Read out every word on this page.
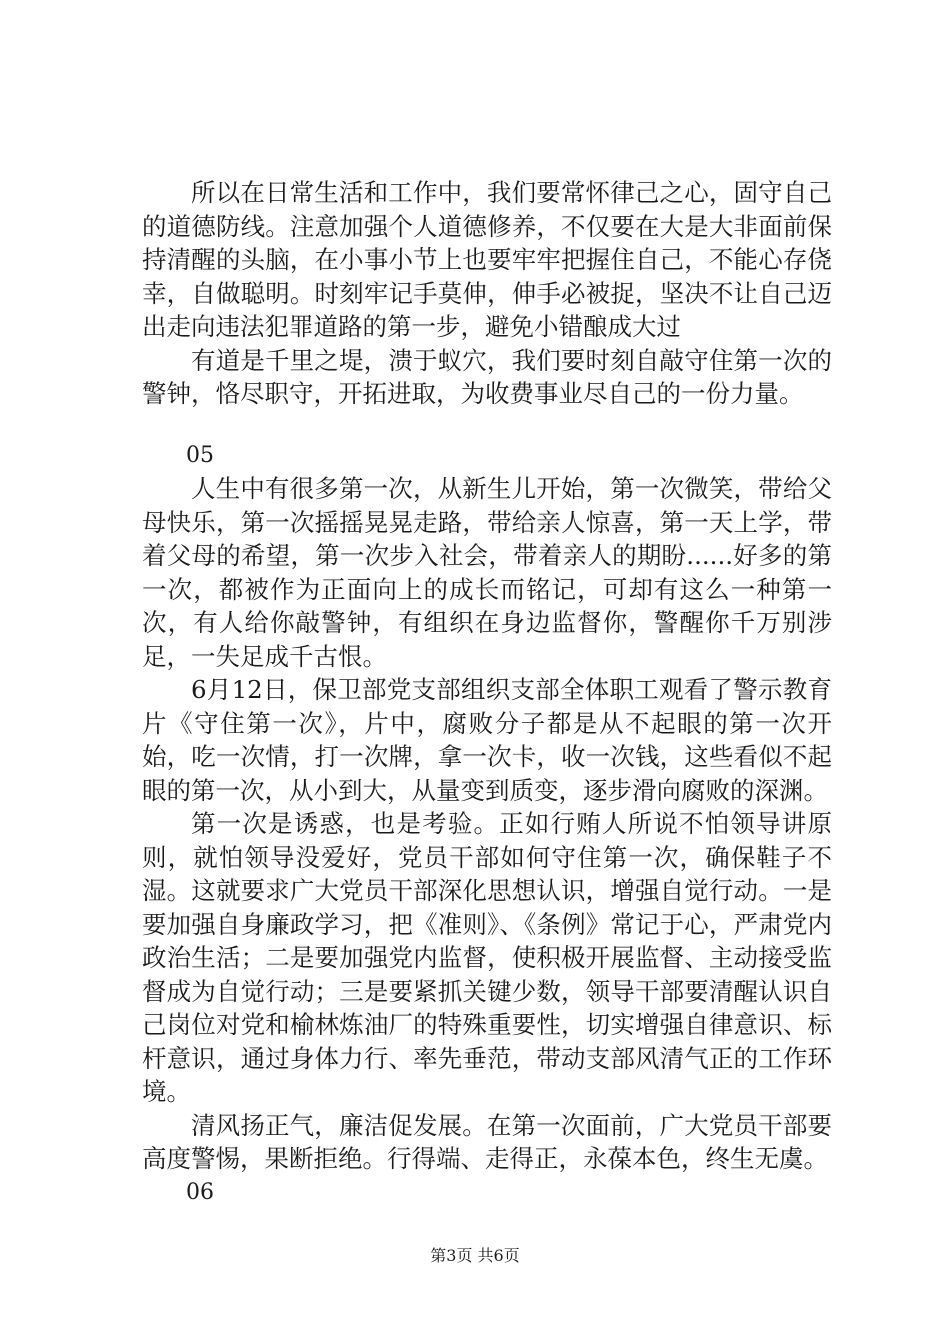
所以在日常生活和工作中，我们要常怀律己之心，固守自己的道德防线。注意加强个人道德修养，不仅要在大是大非面前保持清醒的头脑，在小事小节上也要牢牢把握住自己，不能心存侥幸，自做聪明。时刻牢记手莫伸，伸手必被捉，坚决不让自己迈出走向违法犯罪道路的第一步，避免小错酿成大过

有道是千里之堤，溃于蚁穴，我们要时刻自敲守住第一次的警钟，恪尽职守，开拓进取，为收费事业尽自己的一份力量。

05

人生中有很多第一次，从新生儿开始，第一次微笑，带给父母快乐，第一次摇摇晃晃走路，带给亲人惊喜，第一天上学，带着父母的希望，第一次步入社会，带着亲人的期盼......好多的第一次，都被作为正面向上的成长而铭记，可却有这么一种第一次，有人给你敲警钟，有组织在身边监督你，警醒你千万别涉足，一失足成千古恨。

6月12日，保卫部党支部组织支部全体职工观看了警示教育片《守住第一次》，片中，腐败分子都是从不起眼的第一次开始，吃一次情，打一次牌，拿一次卡，收一次钱，这些看似不起眼的第一次，从小到大，从量变到质变，逐步滑向腐败的深渊。

第一次是诱惑，也是考验。正如行贿人所说不怕领导讲原则，就怕领导没爱好，党员干部如何守住第一次，确保鞋子不湿。这就要求广大党员干部深化思想认识，增强自觉行动。一是要加强自身廉政学习，把《准则》、《条例》常记于心，严肃党内政治生活；二是要加强党内监督，使积极开展监督、主动接受监督成为自觉行动；三是要紧抓关键少数，领导干部要清醒认识自己岗位对党和榆林炼油厂的特殊重要性，切实增强自律意识、标杆意识，通过身体力行、率先垂范，带动支部风清气正的工作环境。

清风扬正气，廉洁促发展。在第一次面前，广大党员干部要高度警惕，果断拒绝。行得端、走得正，永葆本色，终生无虞。

06

第3页 共6页
